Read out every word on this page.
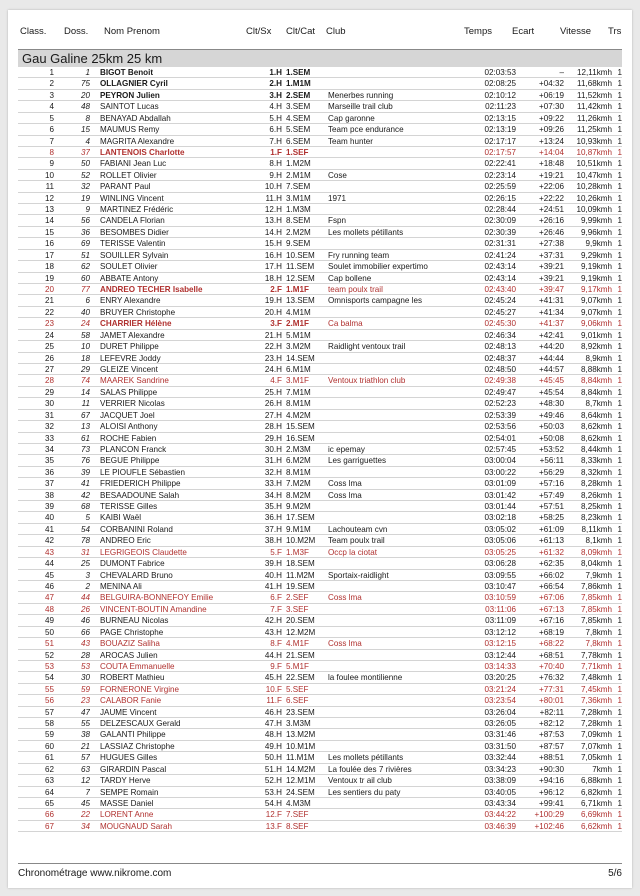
Class. Doss. Nom Prenom	Clt/Sx Clt/Cat Club	Temps Ecart	Vitesse Trs
Gau Galine 25km 25 km
1	1 BIGOT Benoit	1.H 1.SEM	02:03:53	–	12,11kmh 1
2	75 OLLAGNIER Cyril	2.H 1.M1M	02:08:25	+04:32	11,68kmh 1
3	20 PEYRON Julien	3.H 2.SEM	Menerbes running	02:10:12	+06:19	11,52kmh 1
4	48 SAINTOT Lucas	4.H 3.SEM	Marseille trail club	02:11:23	+07:30	11,42kmh 1
5	8 BENAYAD Abdallah	5.H 4.SEM	Cap garonne	02:13:15	+09:22	11,26kmh 1
6	15 MAUMUS Remy	6.H 5.SEM	Team pce endurance	02:13:19	+09:26	11,25kmh 1
7	4 MAGRITA Alexandre	7.H 6.SEM	Team hunter	02:17:17	+13:24	10,93kmh 1
8	37 LANTENOIS Charlotte	1.F 1.SEF	02:17:57	+14:04	10,87kmh 1
9	50 FABIANI Jean Luc	8.H 1.M2M	02:22:41	+18:48	10,51kmh 1
10	52 ROLLET Olivier	9.H 2.M1M	Cose	02:23:14	+19:21	10,47kmh 1
11	32 PARANT Paul	10.H 7.SEM	02:25:59	+22:06	10,28kmh 1
12	19 WINLING Vincent	11.H 3.M1M	1971	02:26:15	+22:22	10,26kmh 1
13	9 MARTINEZ Frédéric	12.H 1.M3M	02:28:44	+24:51	10,09kmh 1
14	56 CANDELA Florian	13.H 8.SEM	Fspn	02:30:09	+26:16	9,99kmh 1
15	36 BESOMBES Didier	14.H 2.M2M	Les mollets pétillants	02:30:39	+26:46	9,96kmh 1
16	69 TERISSE Valentin	15.H 9.SEM	02:31:31	+27:38	9,9kmh 1
17	51 SOUILLER Sylvain	16.H 10.SEM	Fry running team	02:41:24	+37:31	9,29kmh 1
18	62 SOULET Olivier	17.H 11.SEM	Soulet immobilier expertimo	02:43:14	+39:21	9,19kmh 1
19	60 ABBATE Antony	18.H 12.SEM	Cap bollene	02:43:14	+39:21	9,19kmh 1
20	77 ANDREO TECHER Isabelle	2.F 1.M1F	team poulx trail	02:43:40	+39:47	9,17kmh 1
21	6 ENRY Alexandre	19.H 13.SEM	Omnisports campagne les	02:45:24	+41:31	9,07kmh 1
22	40 BRUYER Christophe	20.H 4.M1M	02:45:27	+41:34	9,07kmh 1
23	24 CHARRIER Hélène	3.F 2.M1F	Ca balma	02:45:30	+41:37	9,06kmh 1
24	58 JAMET Alexandre	21.H 5.M1M	02:46:34	+42:41	9,01kmh 1
25	10 DURET Philippe	22.H 3.M2M	Raidlight ventoux trail	02:48:13	+44:20	8,92kmh 1
26	18 LEFEVRE Joddy	23.H 14.SEM	02:48:37	+44:44	8,9kmh 1
27	29 GLEIZE Vincent	24.H 6.M1M	02:48:50	+44:57	8,88kmh 1
28	74 MAAREK Sandrine	4.F 3.M1F	Ventoux triathlon club	02:49:38	+45:45	8,84kmh 1
29	14 SALAS Philippe	25.H 7.M1M	02:49:47	+45:54	8,84kmh 1
30	11 VERRIER Nicolas	26.H 8.M1M	02:52:23	+48:30	8,7kmh 1
31	67 JACQUET Joel	27.H 4.M2M	02:53:39	+49:46	8,64kmh 1
32	13 ALOISI Anthony	28.H 15.SEM	02:53:56	+50:03	8,62kmh 1
33	61 ROCHE Fabien	29.H 16.SEM	02:54:01	+50:08	8,62kmh 1
34	73 PLANCON Franck	30.H 2.M3M	ic epemay	02:57:45	+53:52	8,44kmh 1
35	76 BEGUE Philippe	31.H 6.M2M	Les garriguettes	03:00:04	+56:11	8,33kmh 1
36	39 LE PIOUFLE Sébastien	32.H 8.M1M	03:00:22	+56:29	8,32kmh 1
37	41 FRIEDERICH Philippe	33.H 7.M2M	Coss lma	03:01:09	+57:16	8,28kmh 1
38	42 BESAADOUNE Salah	34.H 8.M2M	Coss lma	03:01:42	+57:49	8,26kmh 1
39	68 TERISSE Gilles	35.H 9.M2M	03:01:44	+57:51	8,25kmh 1
40	5 KAIBI Waël	36.H 17.SEM	03:02:18	+58:25	8,23kmh 1
41	54 CORBANINI Roland	37.H 9.M1M	Lachouteam cvn	03:05:02	+61:09	8,11kmh 1
42	78 ANDREO Eric	38.H 10.M2M	Team poulx trail	03:05:06	+61:13	8,1kmh 1
43	31 LEGRIGEOIS Claudette	5.F 1.M3F	Occp la ciotat	03:05:25	+61:32	8,09kmh 1
44	25 DUMONT Fabrice	39.H 18.SEM	03:06:28	+62:35	8,04kmh 1
45	3 CHEVALARD Bruno	40.H 11.M2M	Sportaix-raidlight	03:09:55	+66:02	7,9kmh 1
46	2 MENINA Ali	41.H 19.SEM	03:10:47	+66:54	7,86kmh 1
47	44 BELGUIRA-BONNEFOY Emilie	6.F 2.SEF	Coss lma	03:10:59	+67:06	7,85kmh 1
48	26 VINCENT-BOUTIN Amandine	7.F 3.SEF	03:11:06	+67:13	7,85kmh 1
49	46 BURNEAU Nicolas	42.H 20.SEM	03:11:09	+67:16	7,85kmh 1
50	66 PAGE Christophe	43.H 12.M2M	03:12:12	+68:19	7,8kmh 1
51	43 BOUAZIZ Saliha	8.F 4.M1F	Coss lma	03:12:15	+68:22	7,8kmh 1
52	28 AROCAS Julien	44.H 21.SEM	03:12:44	+68:51	7,78kmh 1
53	53 COUTA Emmanuelle	9.F 5.M1F	03:14:33	+70:40	7,71kmh 1
54	30 ROBERT Mathieu	45.H 22.SEM	la foulee montilienne	03:20:25	+76:32	7,48kmh 1
55	59 FORNERONE Virgine	10.F 5.SEF	03:21:24	+77:31	7,45kmh 1
56	23 CALABOR Fanie	11.F 6.SEF	03:23:54	+80:01	7,36kmh 1
57	47 JAUME Vincent	46.H 23.SEM	03:26:04	+82:11	7,28kmh 1
58	55 DELZESCAUX Gerald	47.H 3.M3M	03:26:05	+82:12	7,28kmh 1
59	38 GALANTI Philippe	48.H 13.M2M	03:31:46	+87:53	7,09kmh 1
60	21 LASSIAZ Christophe	49.H 10.M1M	03:31:50	+87:57	7,07kmh 1
61	57 HUGUES Gilles	50.H 11.M1M	Les mollets pétillants	03:32:44	+88:51	7,05kmh 1
62	63 GIRARDIN Pascal	51.H 14.M2M	La foulée des 7 rivières	03:34:23	+90:30	7kmh 1
63	12 TARDY Herve	52.H 12.M1M	Ventoux tr ail club	03:38:09	+94:16	6,88kmh 1
64	7 SEMPE Romain	53.H 24.SEM	Les sentiers du paty	03:40:05	+96:12	6,82kmh 1
65	45 MASSE Daniel	54.H 4.M3M	03:43:34	+99:41	6,71kmh 1
66	22 LORENT Anne	12.F 7.SEF	03:44:22	+100:29	6,69kmh 1
67	34 MOUGNAUD Sarah	13.F 8.SEF	03:46:39	+102:46	6,62kmh 1
Chronométrage www.nikrome.com	5/6
